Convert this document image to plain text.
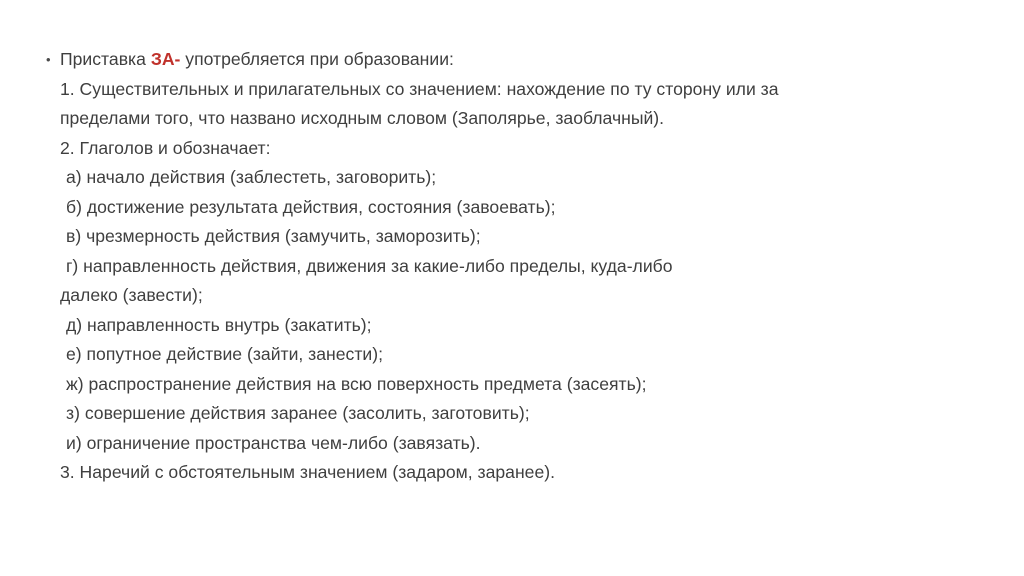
• Приставка ЗА- употребляется при образовании:
1. Существительных и прилагательных со значением: нахождение по ту сторону или за
пределами того, что названо исходным словом (Заполярье, заоблачный).
2. Глаголов и обозначает:
а) начало действия (заблестеть, заговорить);
б) достижение результата действия, состояния (завоевать);
в) чрезмерность действия (замучить, заморозить);
г) направленность действия, движения за какие-либо пределы, куда-либо
далеко (завести);
д) направленность внутрь (закатить);
е) попутное действие (зайти, занести);
ж) распространение действия на всю поверхность предмета (засеять);
з) совершение действия заранее (засолить, заготовить);
и) ограничение пространства чем-либо (завязать).
3. Наречий с обстоятельным значением (задаром, заранее).
